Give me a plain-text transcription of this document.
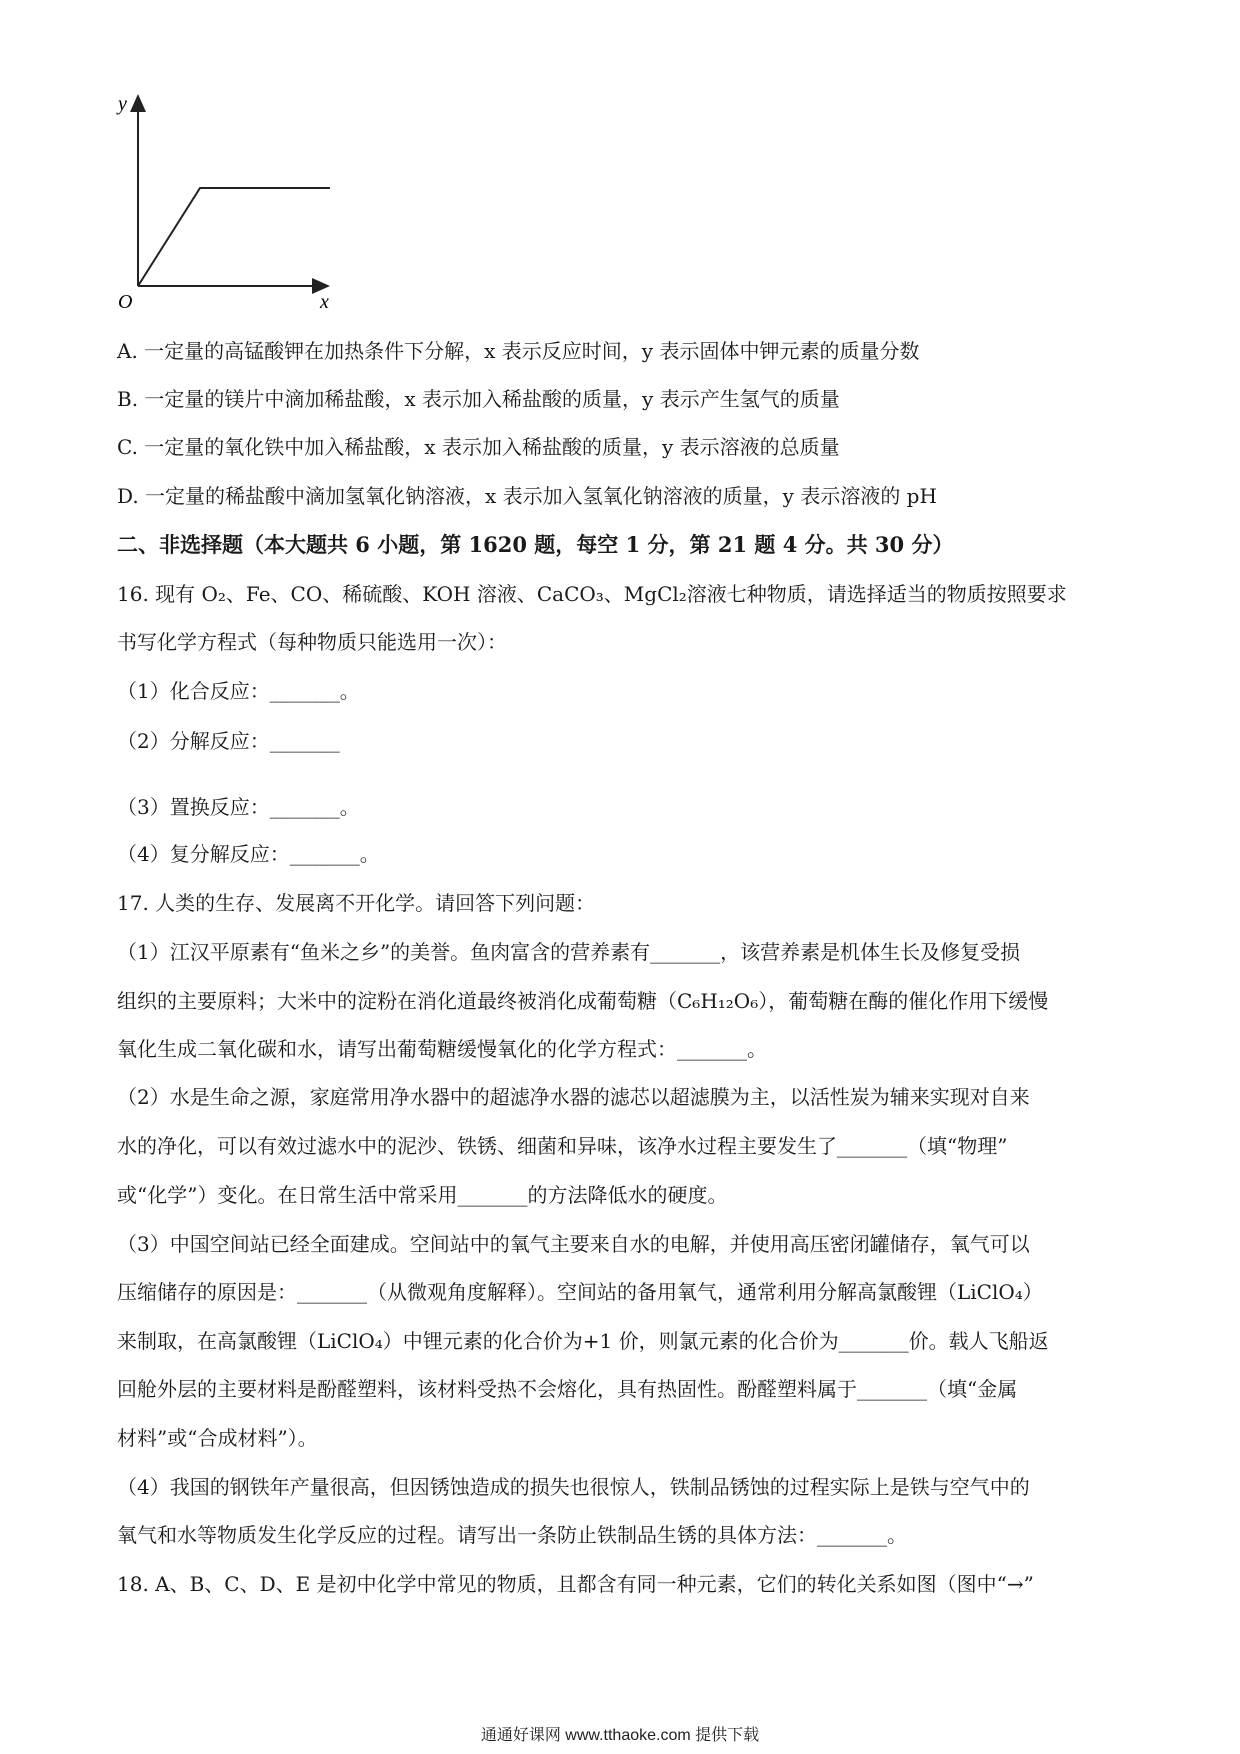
y
x
O
A. 一定量的高锰酸钾在加热条件下分解，x 表示反应时间，y 表示固体中钾元素的质量分数
B. 一定量的镁片中滴加稀盐酸，x 表示加入稀盐酸的质量，y 表示产生氢气的质量
C. 一定量的氧化铁中加入稀盐酸，x 表示加入稀盐酸的质量，y 表示溶液的总质量
D. 一定量的稀盐酸中滴加氢氧化钠溶液，x 表示加入氢氧化钠溶液的质量，y 表示溶液的 pH
二、非选择题（本大题共 6 小题，第 1620 题，每空 1 分，第 21 题 4 分。共 30 分）
16. 现有 O₂、Fe、CO、稀硫酸、KOH 溶液、CaCO₃、MgCl₂溶液七种物质，请选择适当的物质按照要求
书写化学方程式（每种物质只能选用一次）：
（1）化合反应：_______。
（2）分解反应：_______
（3）置换反应：_______。
（4）复分解反应：_______。
17. 人类的生存、发展离不开化学。请回答下列问题：
（1）江汉平原素有“鱼米之乡”的美誉。鱼肉富含的营养素有_______，该营养素是机体生长及修复受损
组织的主要原料；大米中的淀粉在消化道最终被消化成葡萄糖（C₆H₁₂O₆），葡萄糖在酶的催化作用下缓慢
氧化生成二氧化碳和水，请写出葡萄糖缓慢氧化的化学方程式：_______。
（2）水是生命之源，家庭常用净水器中的超滤净水器的滤芯以超滤膜为主，以活性炭为辅来实现对自来
水的净化，可以有效过滤水中的泥沙、铁锈、细菌和异味，该净水过程主要发生了_______（填“物理”
或“化学”）变化。在日常生活中常采用_______的方法降低水的硬度。
（3）中国空间站已经全面建成。空间站中的氧气主要来自水的电解，并使用高压密闭罐储存，氧气可以
压缩储存的原因是：_______（从微观角度解释）。空间站的备用氧气，通常利用分解高氯酸锂（LiClO₄）
来制取，在高氯酸锂（LiClO₄）中锂元素的化合价为+1 价，则氯元素的化合价为_______价。载人飞船返
回舱外层的主要材料是酚醛塑料，该材料受热不会熔化，具有热固性。酚醛塑料属于_______（填“金属
材料”或“合成材料”）。
（4）我国的钢铁年产量很高，但因锈蚀造成的损失也很惊人，铁制品锈蚀的过程实际上是铁与空气中的
氧气和水等物质发生化学反应的过程。请写出一条防止铁制品生锈的具体方法：_______。
18. A、B、C、D、E 是初中化学中常见的物质，且都含有同一种元素，它们的转化关系如图（图中“→”
通通好课网 www.tthaoke.com 提供下载
